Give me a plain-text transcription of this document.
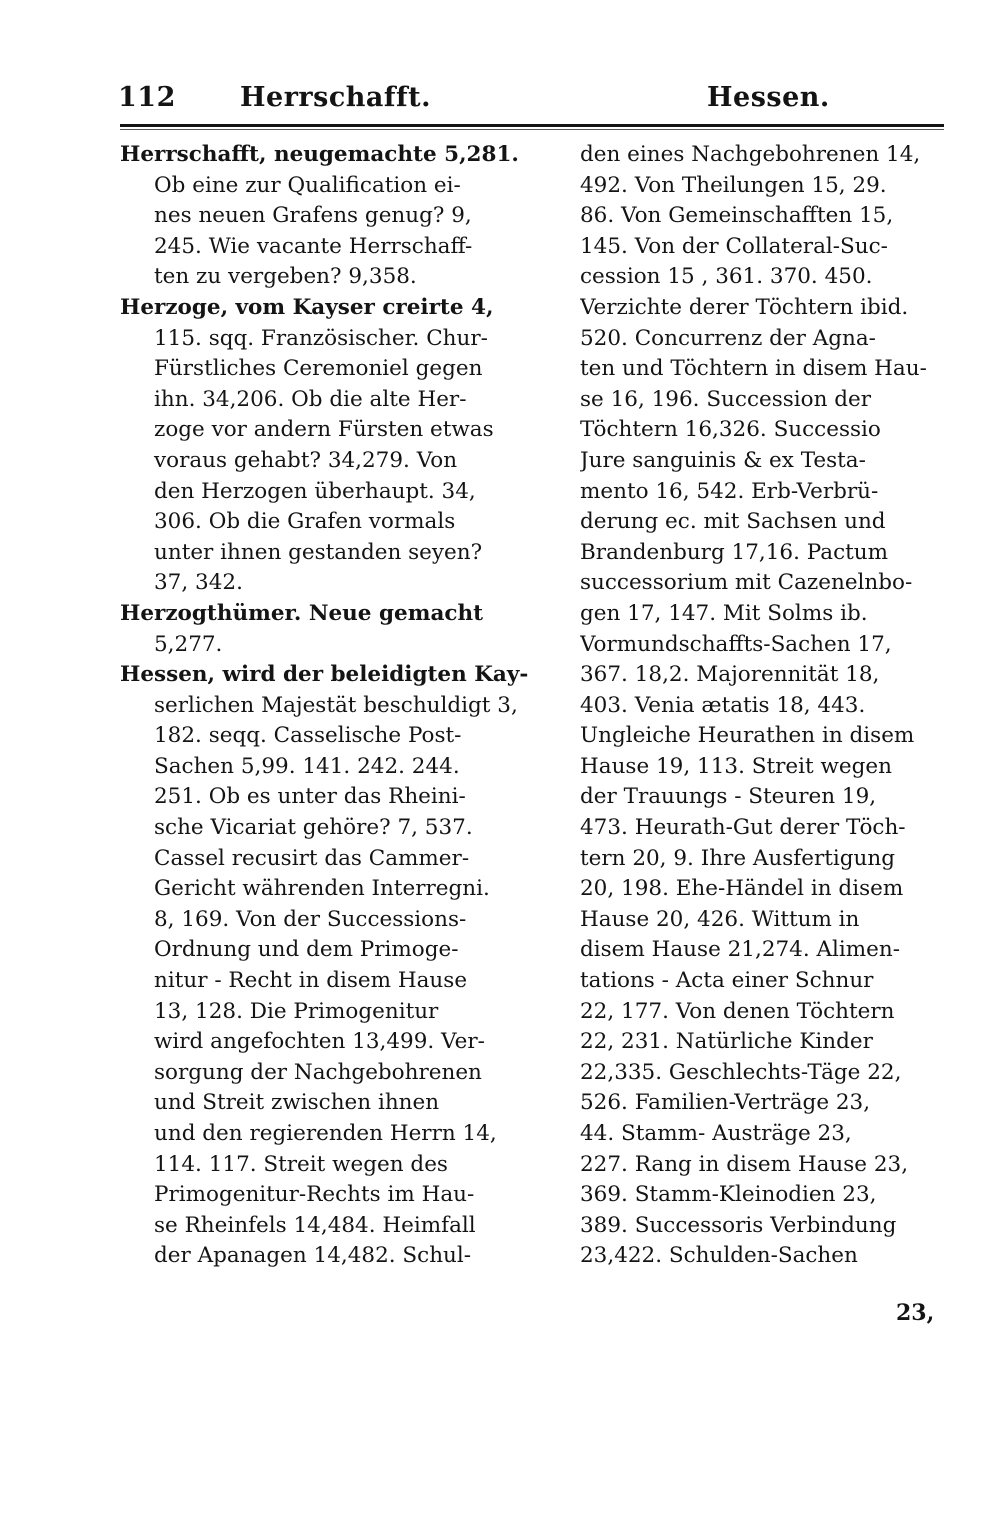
112 Herrschafft.	Hessen.
Herrschafft, neugemachte 5,281.
Ob eine zur Qualification ei-
nes neuen Grafens genug? 9,
245. Wie vacante Herrschaff-
ten zu vergeben? 9,358.
Herzoge, vom Kayser creirte 4,
115. sqq. Französischer. Chur-
Fürstliches Ceremoniel gegen
ihn. 34,206. Ob die alte Her-
zoge vor andern Fürsten etwas
voraus gehabt? 34,279. Von
den Herzogen überhaupt. 34,
306. Ob die Grafen vormals
unter ihnen gestanden seyen?
37, 342.
Herzogthümer. Neue gemacht
5,277.
Hessen, wird der beleidigten Kay-
serlichen Majestät beschuldigt 3,
182. seqq. Casselische Post-
Sachen 5,99. 141. 242. 244.
251. Ob es unter das Rheini-
sche Vicariat gehöre? 7, 537.
Cassel recusirt das Cammer-
Gericht währenden Interregni.
8, 169. Von der Successions-
Ordnung und dem Primoge-
nitur - Recht in disem Hause
13, 128. Die Primogenitur
wird angefochten 13,499. Ver-
sorgung der Nachgebohrenen
und Streit zwischen ihnen
und den regierenden Herrn 14,
114. 117. Streit wegen des
Primogenitur-Rechts im Hau-
se Rheinfels 14,484. Heimfall
der Apanagen 14,482. Schul-
den eines Nachgebohrenen 14,
492. Von Theilungen 15, 29.
86. Von Gemeinschafften 15,
145. Von der Collateral-Suc-
cession 15 , 361. 370. 450.
Verzichte derer Töchtern ibid.
520. Concurrenz der Agna-
ten und Töchtern in disem Hau-
se 16, 196. Succession der
Töchtern 16,326. Successio
Jure sanguinis & ex Testa-
mento 16, 542. Erb-Verbrü-
derung ec. mit Sachsen und
Brandenburg 17,16. Pactum
successorium mit Cazenelnbo-
gen 17, 147. Mit Solms ib.
Vormundschaffts-Sachen 17,
367. 18,2. Majorennität 18,
403. Venia ætatis 18, 443.
Ungleiche Heurathen in disem
Hause 19, 113. Streit wegen
der Trauungs - Steuren 19,
473. Heurath-Gut derer Töch-
tern 20, 9. Ihre Ausfertigung
20, 198. Ehe-Händel in disem
Hause 20, 426. Wittum in
disem Hause 21,274. Alimen-
tations - Acta einer Schnur
22, 177. Von denen Töchtern
22, 231. Natürliche Kinder
22,335. Geschlechts-Täge 22,
526. Familien-Verträge 23,
44. Stamm- Austräge 23,
227. Rang in disem Hause 23,
369. Stamm-Kleinodien 23,
389. Successoris Verbindung
23,422. Schulden-Sachen
23,
